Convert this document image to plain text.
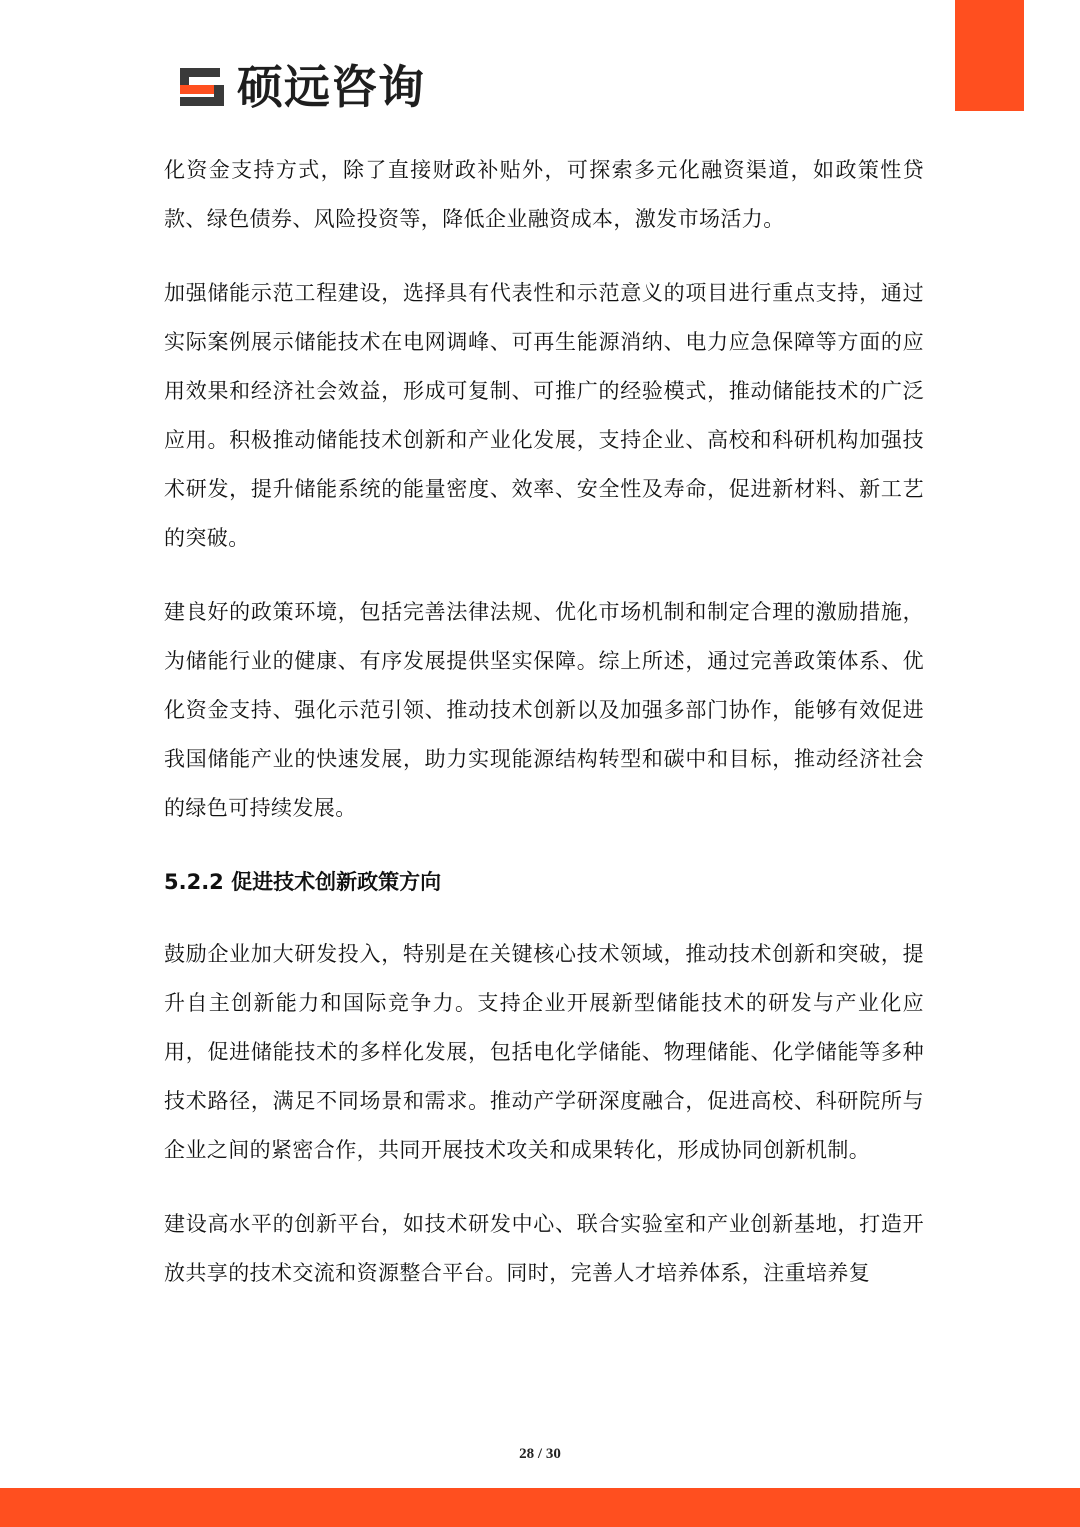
硕远咨询

化资金支持方式，除了直接财政补贴外，可探索多元化融资渠道，如政策性贷款、绿色债券、风险投资等，降低企业融资成本，激发市场活力。

加强储能示范工程建设，选择具有代表性和示范意义的项目进行重点支持，通过实际案例展示储能技术在电网调峰、可再生能源消纳、电力应急保障等方面的应用效果和经济社会效益，形成可复制、可推广的经验模式，推动储能技术的广泛应用。积极推动储能技术创新和产业化发展，支持企业、高校和科研机构加强技术研发，提升储能系统的能量密度、效率、安全性及寿命，促进新材料、新工艺的突破。

建良好的政策环境，包括完善法律法规、优化市场机制和制定合理的激励措施，为储能行业的健康、有序发展提供坚实保障。综上所述，通过完善政策体系、优化资金支持、强化示范引领、推动技术创新以及加强多部门协作，能够有效促进我国储能产业的快速发展，助力实现能源结构转型和碳中和目标，推动经济社会的绿色可持续发展。

5.2.2 促进技术创新政策方向

鼓励企业加大研发投入，特别是在关键核心技术领域，推动技术创新和突破，提升自主创新能力和国际竞争力。支持企业开展新型储能技术的研发与产业化应用，促进储能技术的多样化发展，包括电化学储能、物理储能、化学储能等多种技术路径，满足不同场景和需求。推动产学研深度融合，促进高校、科研院所与企业之间的紧密合作，共同开展技术攻关和成果转化，形成协同创新机制。

建设高水平的创新平台，如技术研发中心、联合实验室和产业创新基地，打造开放共享的技术交流和资源整合平台。同时，完善人才培养体系，注重培养复

28 / 30
